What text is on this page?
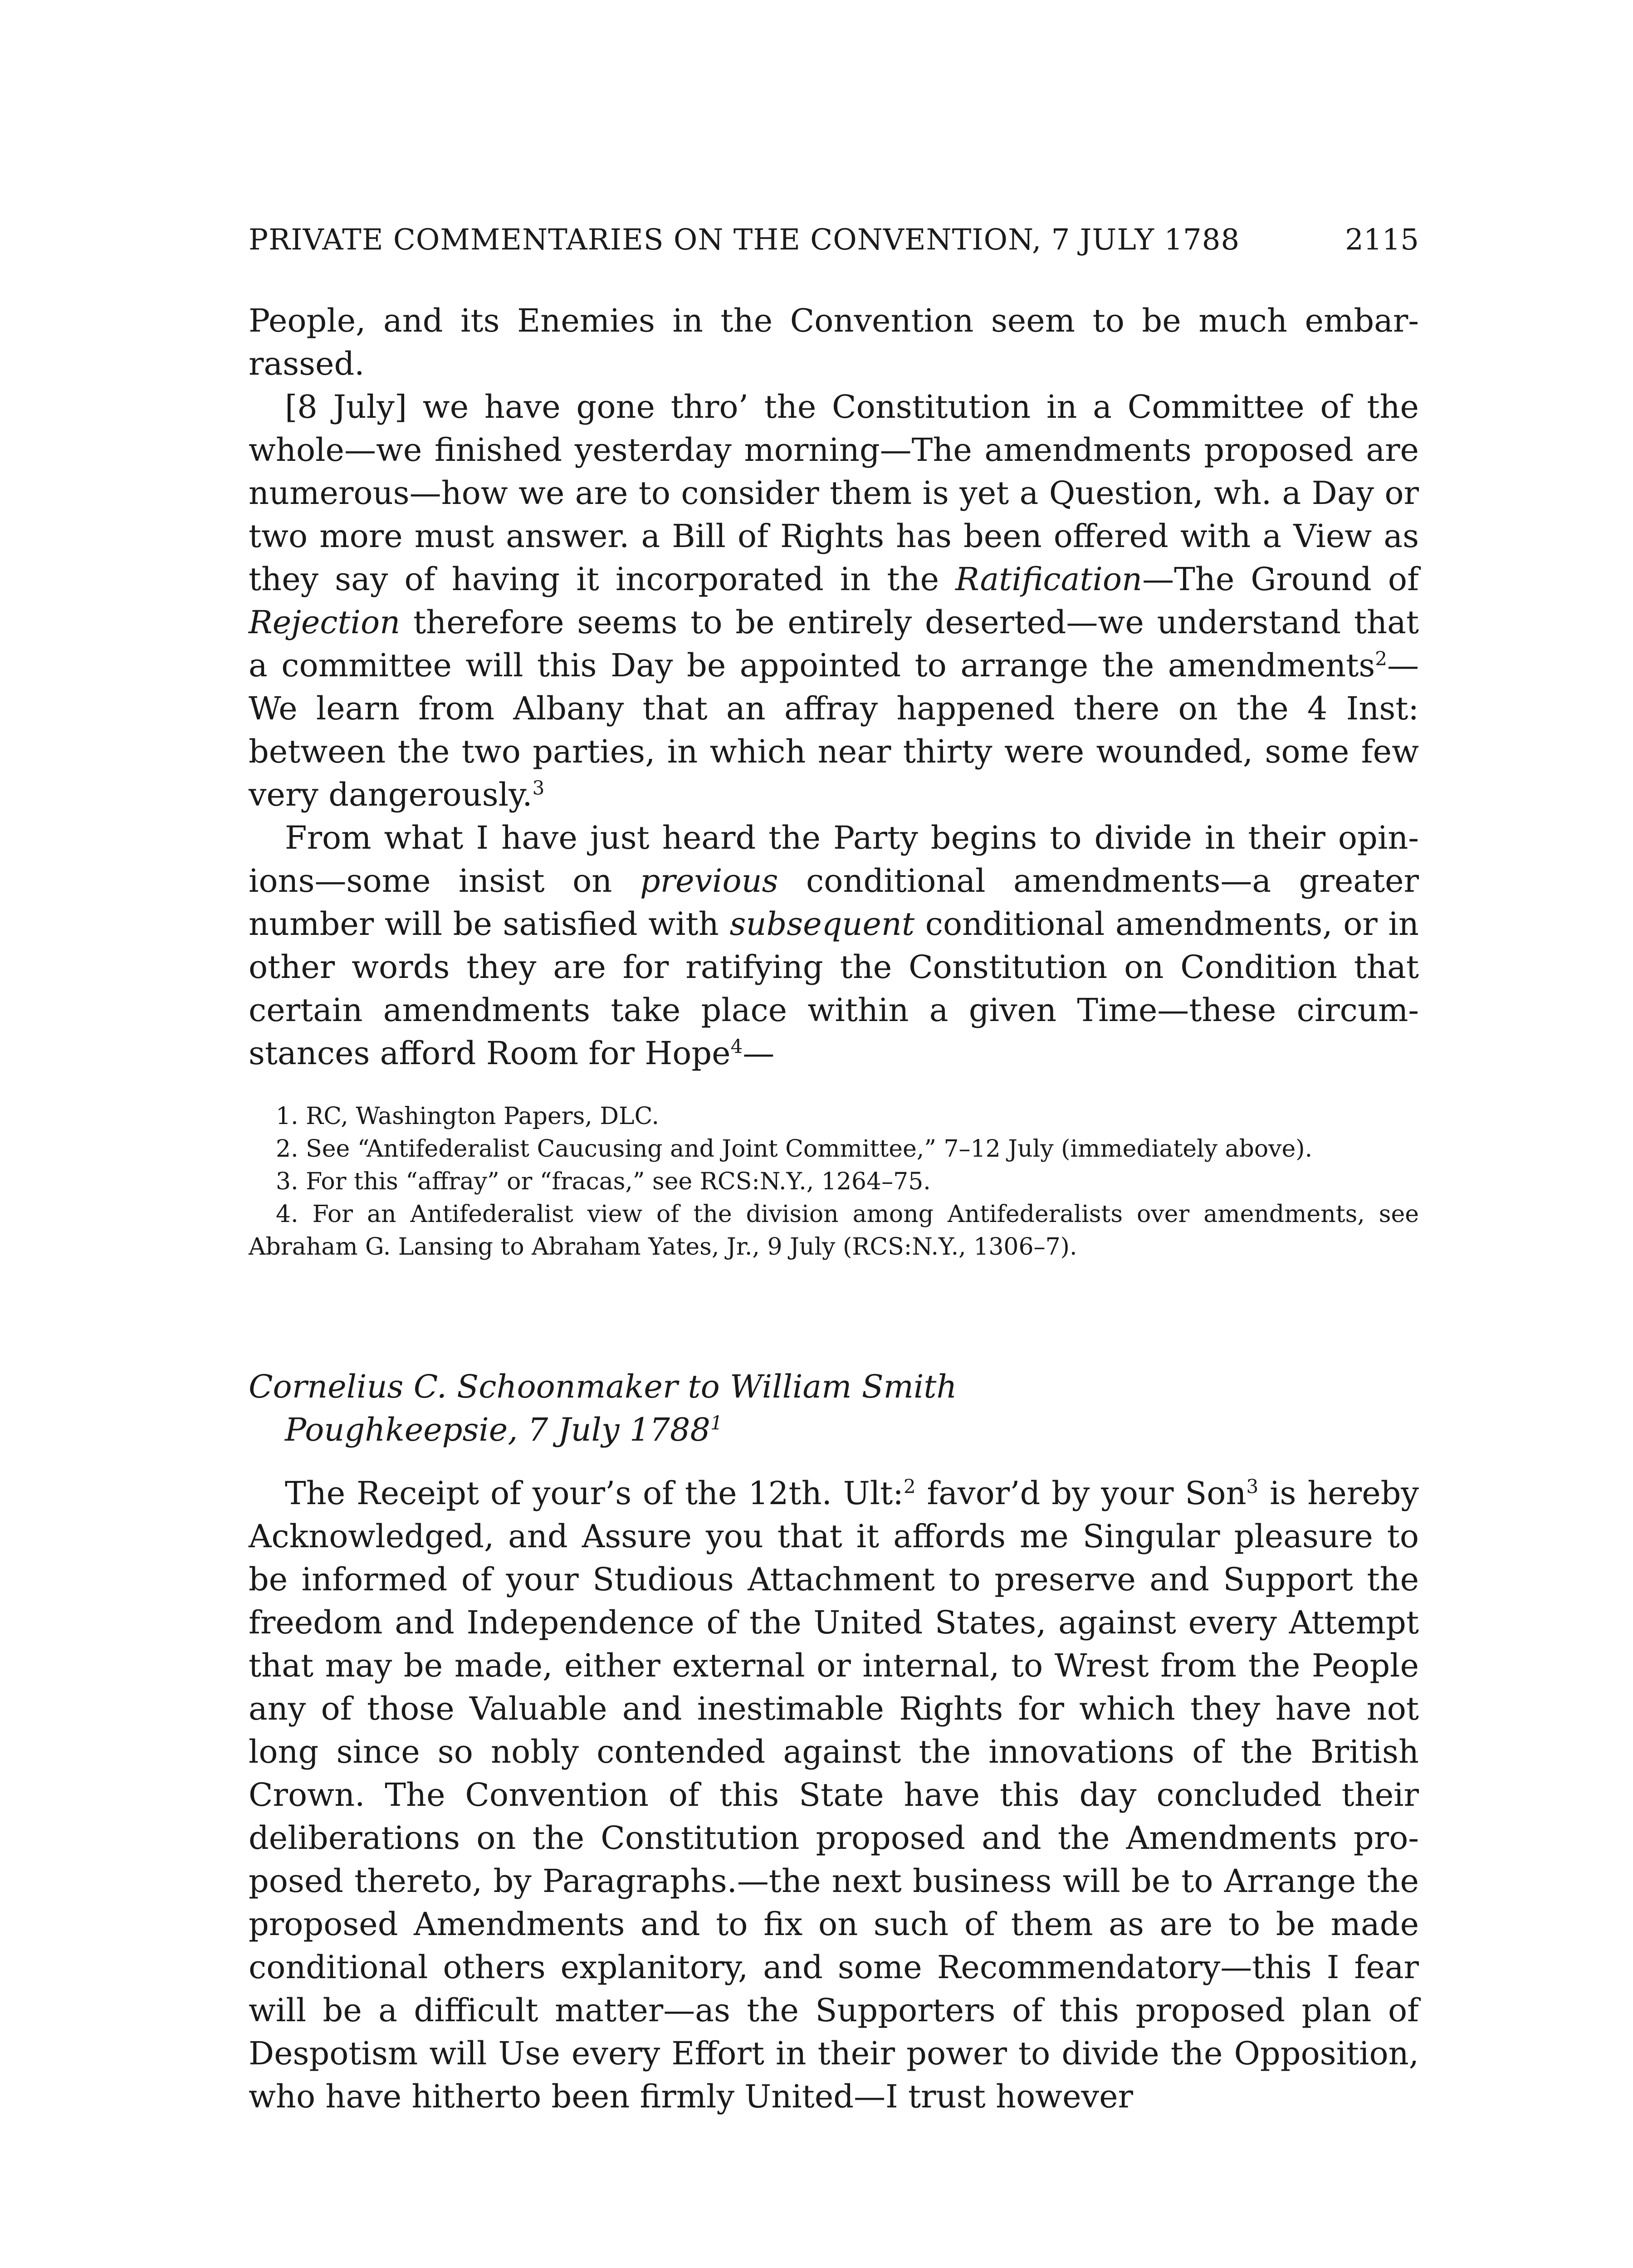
PRIVATE COMMENTARIES ON THE CONVENTION, 7 JULY 1788	2115

People, and its Enemies in the Convention seem to be much embarrassed.

[8 July] we have gone thro’ the Constitution in a Committee of the whole—we finished yesterday morning—The amendments proposed are numerous—how we are to consider them is yet a Question, wh. a Day or two more must answer. a Bill of Rights has been offered with a View as they say of having it incorporated in the Ratification—The Ground of Rejection therefore seems to be entirely deserted—we understand that a committee will this Day be appointed to arrange the amendments$^2$—We learn from Albany that an affray happened there on the 4 Inst: between the two parties, in which near thirty were wounded, some few very dangerously.$^3$

From what I have just heard the Party begins to divide in their opinions—some insist on previous conditional amendments—a greater number will be satisfied with subsequent conditional amendments, or in other words they are for ratifying the Constitution on Condition that certain amendments take place within a given Time—these circumstances afford Room for Hope$^4$—

1. RC, Washington Papers, DLC.

2. See “Antifederalist Caucusing and Joint Committee,” 7–12 July (immediately above).

3. For this “affray” or “fracas,” see RCS:N.Y., 1264–75.

4. For an Antifederalist view of the division among Antifederalists over amendments, see Abraham G. Lansing to Abraham Yates, Jr., 9 July (RCS:N.Y., 1306–7).

Cornelius C. Schoonmaker to William Smith

Poughkeepsie, 7 July 1788$^1$

The Receipt of your’s of the 12th. Ult:$^2$ favor’d by your Son$^3$ is hereby Acknowledged, and Assure you that it affords me Singular pleasure to be informed of your Studious Attachment to preserve and Support the freedom and Independence of the United States, against every Attempt that may be made, either external or internal, to Wrest from the People any of those Valuable and inestimable Rights for which they have not long since so nobly contended against the innovations of the British Crown. The Convention of this State have this day concluded their deliberations on the Constitution proposed and the Amendments proposed thereto, by Paragraphs.—the next business will be to Arrange the proposed Amendments and to fix on such of them as are to be made conditional others explanitory, and some Recommendatory—this I fear will be a difficult matter—as the Supporters of this proposed plan of Despotism will Use every Effort in their power to divide the Opposition, who have hitherto been firmly United—I trust however
